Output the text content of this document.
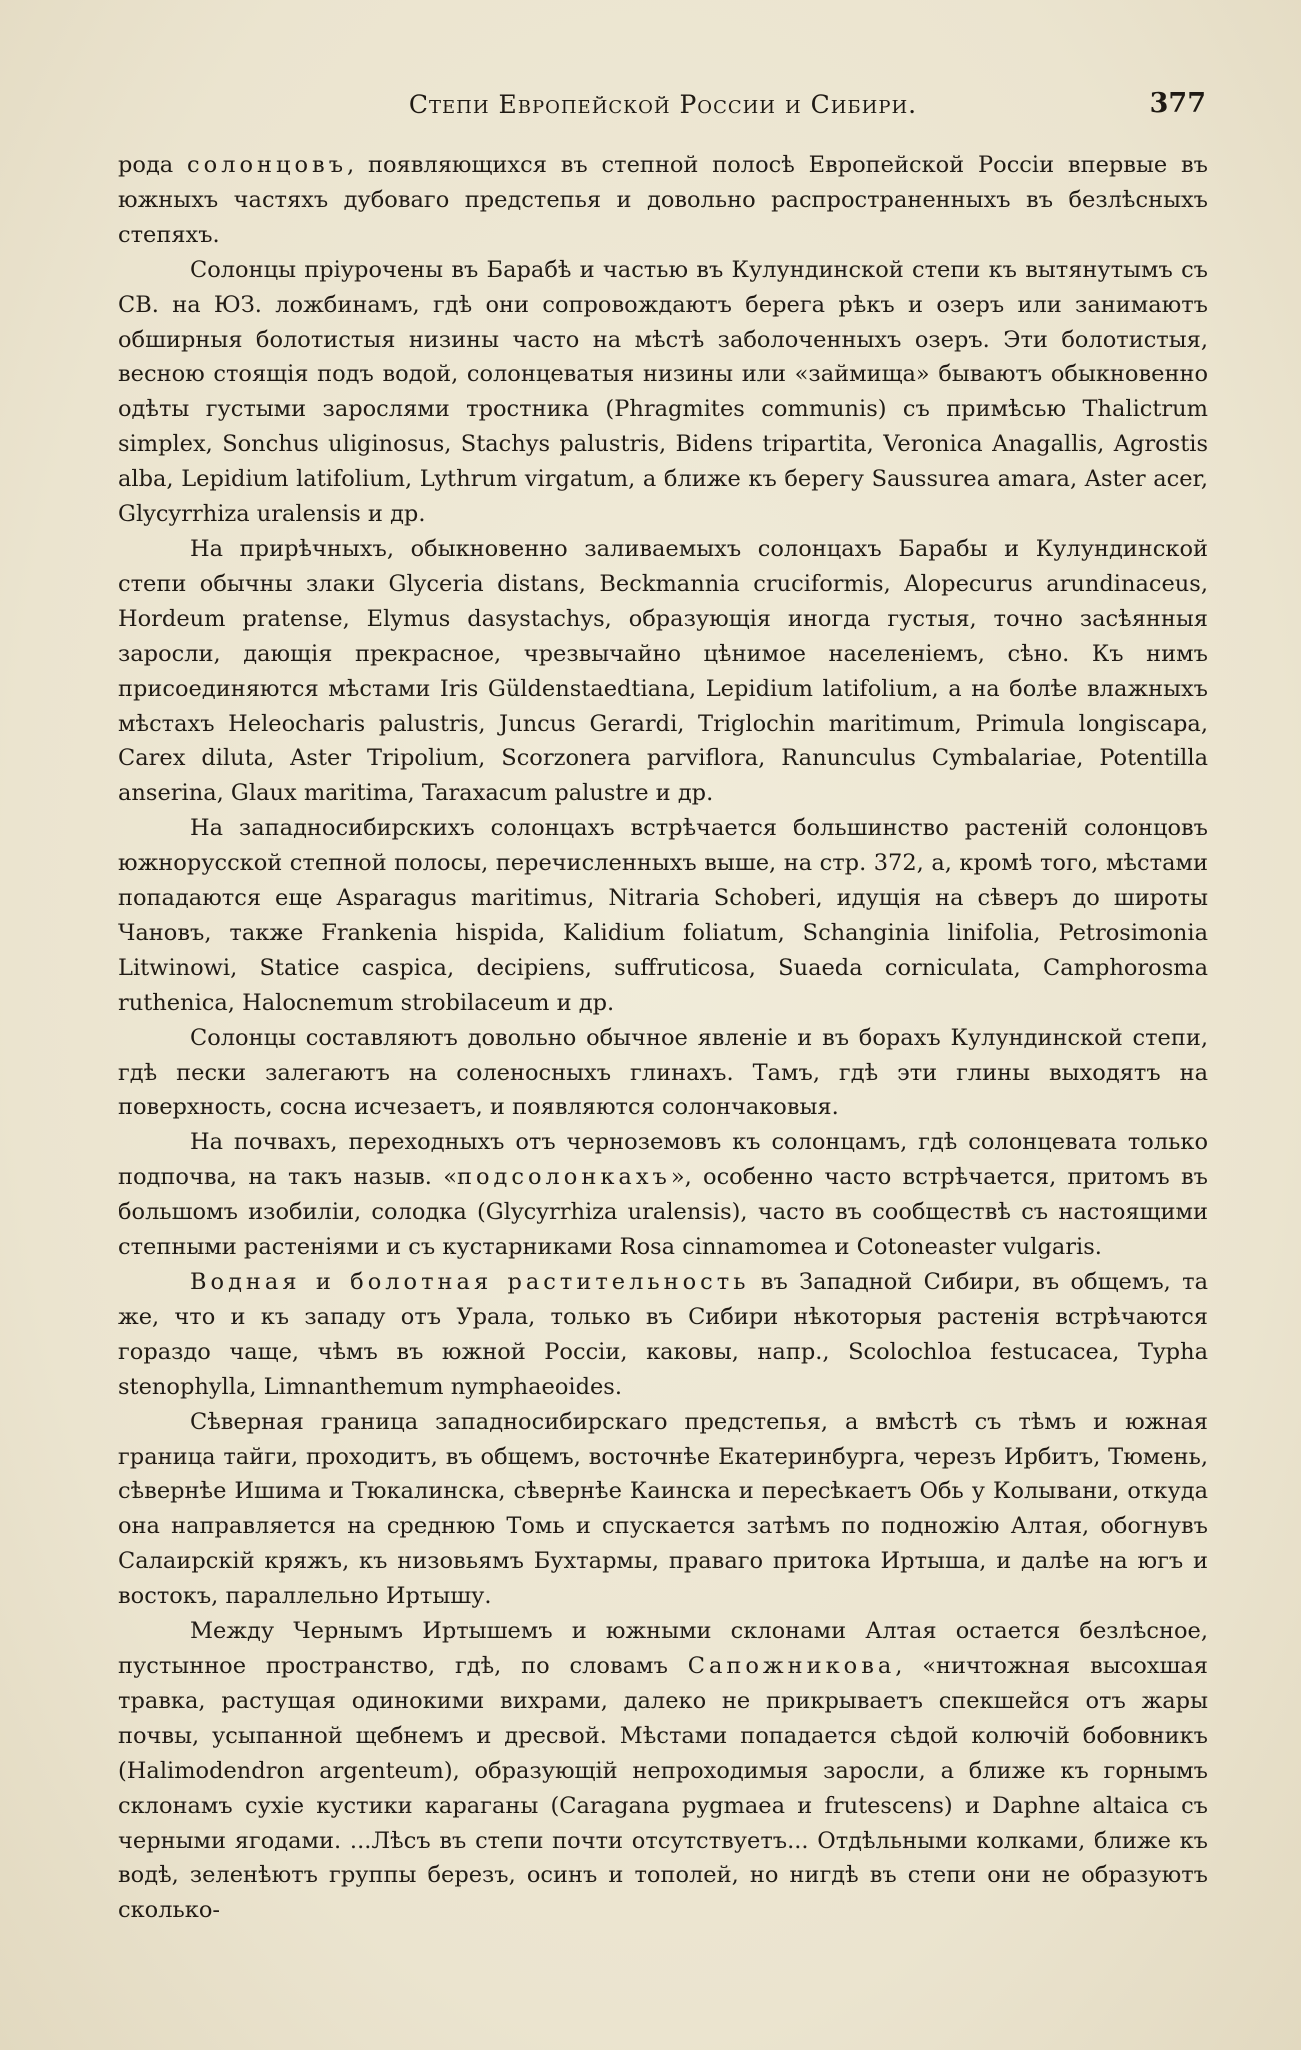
Степи Европейской России и Сибири.	377

рода солонцовъ, появляющихся въ степной полосѣ Европейской Россіи впервые въ южныхъ частяхъ дубоваго предстепья и довольно распространенныхъ въ безлѣсныхъ степяхъ.

Солонцы пріурочены въ Барабѣ и частью въ Кулундинской степи къ вытянутымъ съ СВ. на ЮЗ. ложбинамъ, гдѣ они сопровождаютъ берега рѣкъ и озеръ или занимаютъ обширныя болотистыя низины часто на мѣстѣ заболоченныхъ озеръ. Эти болотистыя, весною стоящія подъ водой, солонцеватыя низины или «займища» бываютъ обыкновенно одѣты густыми зарослями тростника (Phragmites communis) съ примѣсью Thalictrum simplex, Sonchus uliginosus, Stachys palustris, Bidens tripartita, Veronica Anagallis, Agrostis alba, Lepidium latifolium, Lythrum virgatum, а ближе къ берегу Saussurea amara, Aster acer, Glycyrrhiza uralensis и др.

На прирѣчныхъ, обыкновенно заливаемыхъ солонцахъ Барабы и Кулундинской степи обычны злаки Glyceria distans, Beckmannia cruciformis, Alopecurus arundinaceus, Hordeum pratense, Elymus dasystachys, образующія иногда густыя, точно засѣянныя заросли, дающія прекрасное, чрезвычайно цѣнимое населеніемъ, сѣно. Къ нимъ присоединяются мѣстами Iris Güldenstaedtiana, Lepidium latifolium, а на болѣе влажныхъ мѣстахъ Heleocharis palustris, Juncus Gerardi, Triglochin maritimum, Primula longiscapa, Carex diluta, Aster Tripolium, Scorzonera parviflora, Ranunculus Cymbalariae, Potentilla anserina, Glaux maritima, Taraxacum palustre и др.

На западносибирскихъ солонцахъ встрѣчается большинство растеній солонцовъ южнорусской степной полосы, перечисленныхъ выше, на стр. 372, а, кромѣ того, мѣстами попадаются еще Asparagus maritimus, Nitraria Schoberi, идущія на сѣверъ до широты Чановъ, также Frankenia hispida, Kalidium foliatum, Schanginia linifolia, Petrosimonia Litwinowi, Statice caspica, decipiens, suffruticosa, Suaeda corniculata, Camphorosma ruthenica, Halocnemum strobilaceum и др.

Солонцы составляютъ довольно обычное явленіе и въ борахъ Кулундинской степи, гдѣ пески залегаютъ на соленосныхъ глинахъ. Тамъ, гдѣ эти глины выходятъ на поверхность, сосна исчезаетъ, и появляются солончаковыя.

На почвахъ, переходныхъ отъ черноземовъ къ солонцамъ, гдѣ солонцевата только подпочва, на такъ назыв. «подсолонкахъ», особенно часто встрѣчается, притомъ въ большомъ изобиліи, солодка (Glycyrrhiza uralensis), часто въ сообществѣ съ настоящими степными растеніями и съ кустарниками Rosa cinnamomea и Cotoneaster vulgaris.

Водная и болотная растительность въ Западной Сибири, въ общемъ, та же, что и къ западу отъ Урала, только въ Сибири нѣкоторыя растенія встрѣчаются гораздо чаще, чѣмъ въ южной Россіи, каковы, напр., Scolochloa festucacea, Typha stenophylla, Limnanthemum nymphaeoides.

Сѣверная граница западносибирскаго предстепья, а вмѣстѣ съ тѣмъ и южная граница тайги, проходитъ, въ общемъ, восточнѣе Екатеринбурга, черезъ Ирбитъ, Тюмень, сѣвернѣе Ишима и Тюкалинска, сѣвернѣе Каинска и пересѣкаетъ Обь у Колывани, откуда она направляется на среднюю Томь и спускается затѣмъ по подножію Алтая, обогнувъ Салаирскій кряжъ, къ низовьямъ Бухтармы, праваго притока Иртыша, и далѣе на югъ и востокъ, параллельно Иртышу.

Между Чернымъ Иртышемъ и южными склонами Алтая остается безлѣсное, пустынное пространство, гдѣ, по словамъ Сапожникова, «ничтожная высохшая травка, растущая одинокими вихрами, далеко не прикрываетъ спекшейся отъ жары почвы, усыпанной щебнемъ и дресвой. Мѣстами попадается сѣдой колючій бобовникъ (Halimodendron argenteum), образующій непроходимыя заросли, а ближе къ горнымъ склонамъ сухіе кустики караганы (Caragana pygmaea и frutescens) и Daphne altaica съ черными ягодами. ...Лѣсъ въ степи почти отсутствуетъ... Отдѣльными колками, ближе къ водѣ, зеленѣютъ группы березъ, осинъ и тополей, но нигдѣ въ степи они не образуютъ сколько-
